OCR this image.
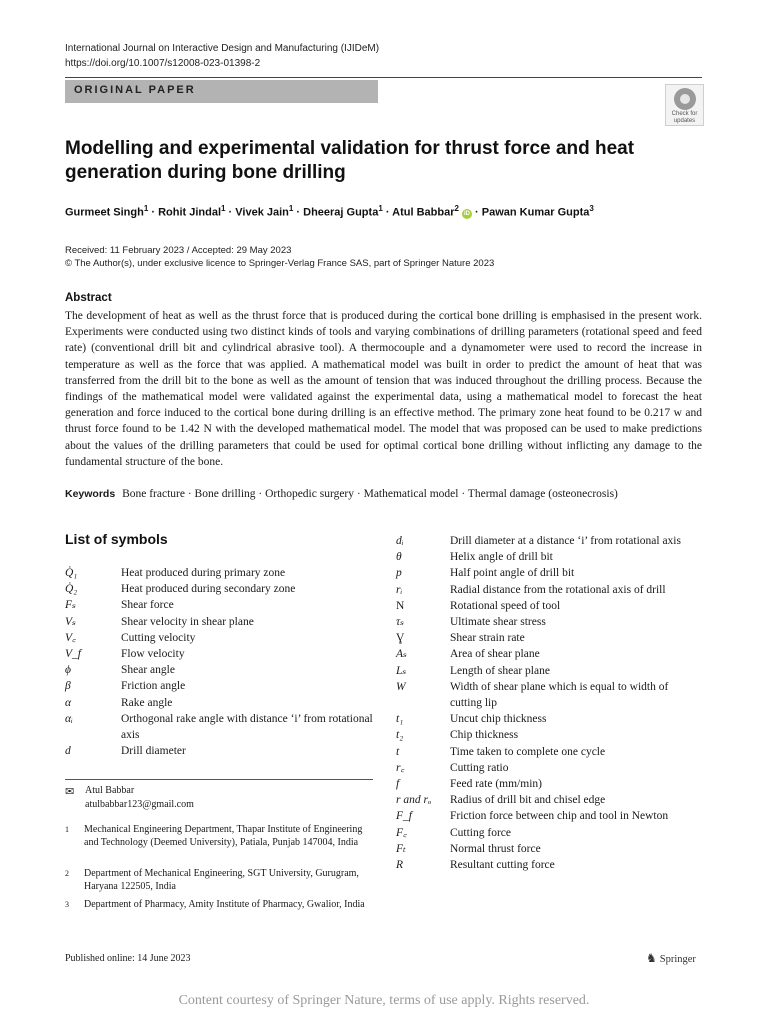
International Journal on Interactive Design and Manufacturing (IJIDeM)
https://doi.org/10.1007/s12008-023-01398-2
ORIGINAL PAPER
Check for
updates
Modelling and experimental validation for thrust force and heat generation during bone drilling
Gurmeet Singh$^1$ · Rohit Jindal$^1$ · Vivek Jain$^1$ · Dheeraj Gupta$^1$ · Atul Babbar$^2$ iD · Pawan Kumar Gupta$^3$
Received: 11 February 2023 / Accepted: 29 May 2023
© The Author(s), under exclusive licence to Springer-Verlag France SAS, part of Springer Nature 2023
Abstract
The development of heat as well as the thrust force that is produced during the cortical bone drilling is emphasised in the present work. Experiments were conducted using two distinct kinds of tools and varying combinations of drilling parameters (rotational speed and feed rate) (conventional drill bit and cylindrical abrasive tool). A thermocouple and a dynamometer were used to record the increase in temperature as well as the force that was applied. A mathematical model was built in order to predict the amount of heat that was transferred from the drill bit to the bone as well as the amount of tension that was induced throughout the drilling process. Because the findings of the mathematical model were validated against the experimental data, using a mathematical model to forecast the heat generation and force induced to the cortical bone during drilling is an effective method. The primary zone heat found to be 0.217 w and thrust force found to be 1.42 N with the developed mathematical model. The model that was proposed can be used to make predictions about the values of the drilling parameters that could be used for optimal cortical bone drilling without inflicting any damage to the fundamental structure of the bone.
Keywords Bone fracture · Bone drilling · Orthopedic surgery · Mathematical model · Thermal damage (osteonecrosis)
List of symbols
Q̇₁	Heat produced during primary zone
Q̇₂	Heat produced during secondary zone
Fₛ	Shear force
Vₛ	Shear velocity in shear plane
V꜀	Cutting velocity
V_f	Flow velocity
ϕ	Shear angle
β	Friction angle
α	Rake angle
αᵢ	Orthogonal rake angle with distance ‘i’ from rotational axis
d	Drill diameter
dᵢ	Drill diameter at a distance ‘i’ from rotational axis
θ	Helix angle of drill bit
p	Half point angle of drill bit
rᵢ	Radial distance from the rotational axis of drill
N	Rotational speed of tool
τₛ	Ultimate shear stress
Ɣ	Shear strain rate
Aₛ	Area of shear plane
Lₛ	Length of shear plane
W	Width of shear plane which is equal to width of cutting lip
t₁	Uncut chip thickness
t₂	Chip thickness
t	Time taken to complete one cycle
r꜀	Cutting ratio
f	Feed rate (mm/min)
r and rₒ	Radius of drill bit and chisel edge
F_f	Friction force between chip and tool in Newton
F꜀	Cutting force
Fₜ	Normal thrust force
R	Resultant cutting force
✉ Atul Babbar
atulbabbar123@gmail.com
1	Mechanical Engineering Department, Thapar Institute of Engineering and Technology (Deemed University), Patiala, Punjab 147004, India
2	Department of Mechanical Engineering, SGT University, Gurugram, Haryana 122505, India
3	Department of Pharmacy, Amity Institute of Pharmacy, Gwalior, India
Published online: 14 June 2023	♞ Springer
Content courtesy of Springer Nature, terms of use apply. Rights reserved.
